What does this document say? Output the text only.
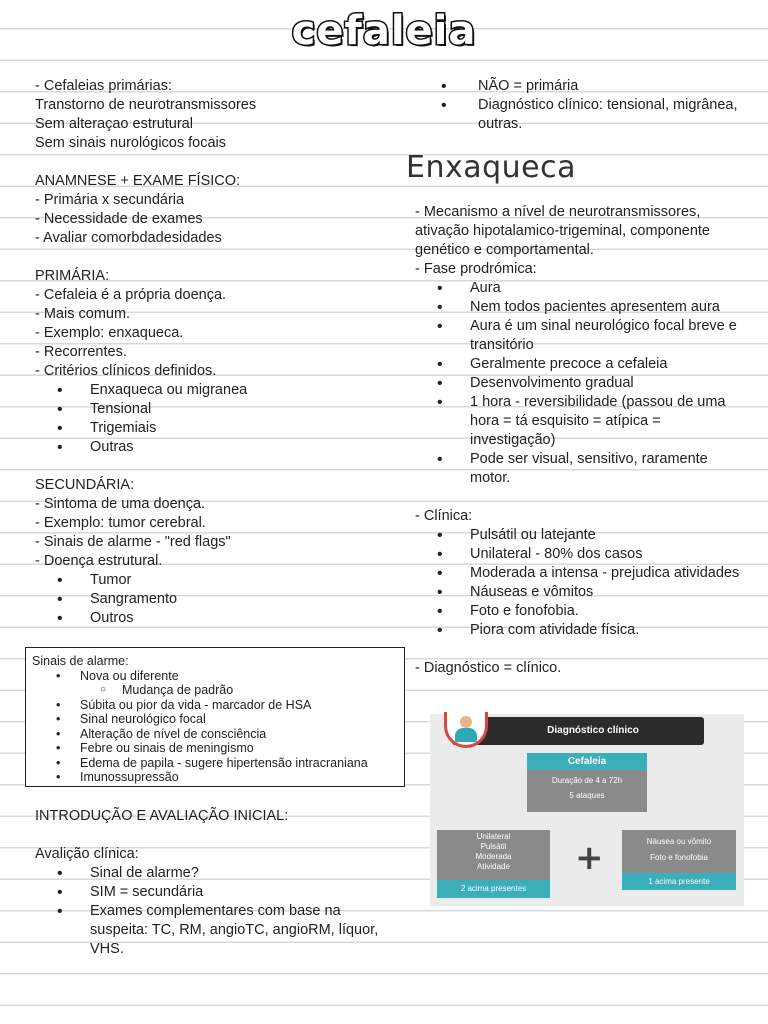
cefaleia

- Cefaleias primárias:

Transtorno de neurotransmissores

Sem alteraçao estrutural

Sem sinais nurológicos focais

ANAMNESE + EXAME FÍSICO:

- Primária x secundária

- Necessidade de exames

- Avaliar comorbdadesidades

PRIMÁRIA:

- Cefaleia é a própria doença.

- Mais comum.

- Exemplo: enxaqueca.

- Recorrentes.

- Critérios clínicos definidos.

• Enxaqueca ou migranea
• Tensional
• Trigemiais
• Outras

SECUNDÁRIA:

- Sintoma de uma doença.

- Exemplo: tumor cerebral.

- Sinais de alarme - "red flags"

- Doença estrutural.

• Tumor
• Sangramento
• Outros

Sinais de alarme:

• Nova ou diferente
○ Mudança de padrão
• Súbita ou pior da vida - marcador de HSA
• Sinal neurológico focal
• Alteração de nível de consciência
• Febre ou sinais de meningismo
• Edema de papila - sugere hipertensão intracraniana
• Imunossupressão

INTRODUÇÃO E AVALIAÇÃO INICIAL:

Avalição clínica:

• Sinal de alarme?
• SIM = secundária
• Exames complementares com base na suspeita: TC, RM, angioTC, angioRM, líquor, VHS.
• NÃO = primária
• Diagnóstico clínico: tensional, migrânea, outras.
Enxaqueca

- Mecanismo a nível de neurotransmissores, ativação hipotalamico-trigeminal, componente genético e comportamental.

- Fase prodrómica:

• Aura
• Nem todos pacientes apresentem aura
• Aura é um sinal neurológico focal breve e transitório
• Geralmente precoce a cefaleia
• Desenvolvimento gradual
• 1 hora - reversibilidade (passou de uma hora = tá esquisito = atípica = investigação)
• Pode ser visual, sensitivo, raramente motor.

- Clínica:

• Pulsátil ou latejante
• Unilateral - 80% dos casos
• Moderada a intensa - prejudica atividades
• Náuseas e vômitos
• Foto e fonofobia.
• Piora com atividade física.

- Diagnóstico = clínico.

Diagnóstico clínico
Cefaleia
Duração de 4 a 72h
5 ataques
Unilateral
Pulsátil
Moderada
Atividade
2 acima presentes
+	Náusea ou vômito
Foto e fonofobia
1 acima presente
